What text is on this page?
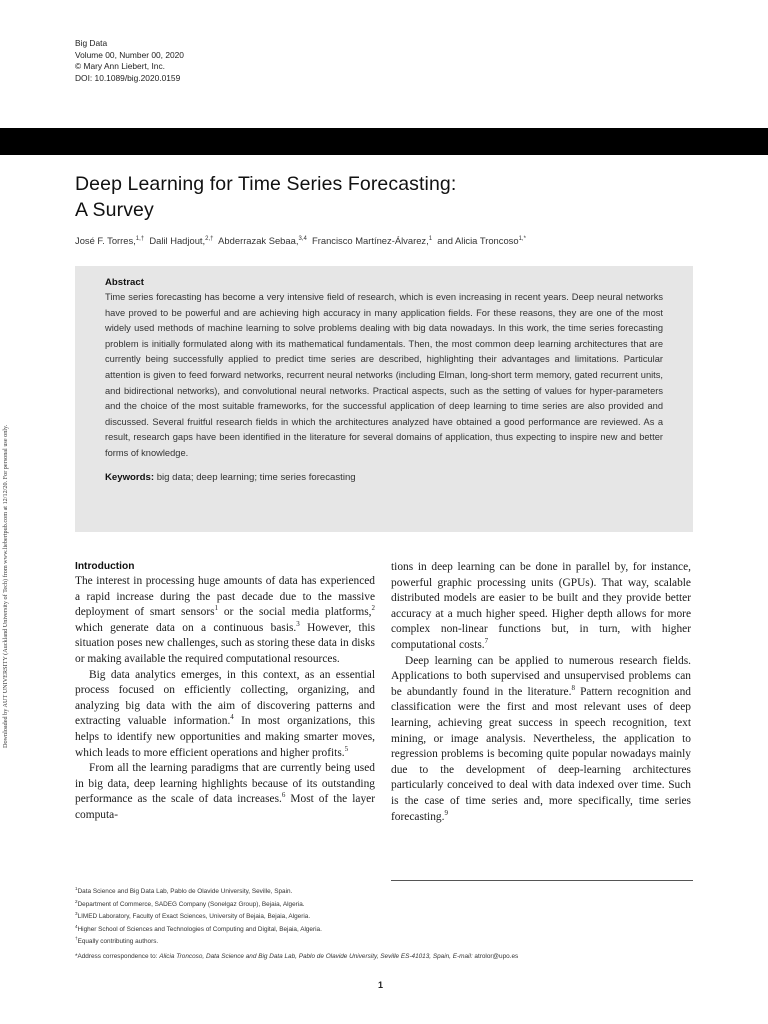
Big Data
Volume 00, Number 00, 2020
© Mary Ann Liebert, Inc.
DOI: 10.1089/big.2020.0159
Deep Learning for Time Series Forecasting:
A Survey
José F. Torres,$^{1,\dagger}$ Dalil Hadjout,$^{2,\dagger}$ Abderrazak Sebaa,$^{3,4}$ Francisco Martínez-Álvarez,$^1$ and Alicia Troncoso$^{1,*}$
Downloaded by AUT UNIVERSITY (Auckland University of Tech) from www.liebertpub.com at 12/12/20. For personal use only.
Abstract

Time series forecasting has become a very intensive field of research, which is even increasing in recent years. Deep neural networks have proved to be powerful and are achieving high accuracy in many application fields. For these reasons, they are one of the most widely used methods of machine learning to solve problems dealing with big data nowadays. In this work, the time series forecasting problem is initially formulated along with its mathematical fundamentals. Then, the most common deep learning architectures that are currently being successfully applied to predict time series are described, highlighting their advantages and limitations. Particular attention is given to feed forward networks, recurrent neural networks (including Elman, long-short term memory, gated recurrent units, and bidirectional networks), and convolutional neural networks. Practical aspects, such as the setting of values for hyper-parameters and the choice of the most suitable frameworks, for the successful application of deep learning to time series are also provided and discussed. Several fruitful research fields in which the architectures analyzed have obtained a good performance are reviewed. As a result, research gaps have been identified in the literature for several domains of application, thus expecting to inspire new and better forms of knowledge.

Keywords: big data; deep learning; time series forecasting
Introduction

The interest in processing huge amounts of data has experienced a rapid increase during the past decade due to the massive deployment of smart sensors$^1$ or the social media platforms,$^2$ which generate data on a continuous basis.$^3$ However, this situation poses new challenges, such as storing these data in disks or making available the required computational resources.

Big data analytics emerges, in this context, as an essential process focused on efficiently collecting, organizing, and analyzing big data with the aim of discovering patterns and extracting valuable information.$^4$ In most organizations, this helps to identify new opportunities and making smarter moves, which leads to more efficient operations and higher profits.$^5$

From all the learning paradigms that are currently being used in big data, deep learning highlights because of its outstanding performance as the scale of data increases.$^6$ Most of the layer computa-

tions in deep learning can be done in parallel by, for instance, powerful graphic processing units (GPUs). That way, scalable distributed models are easier to be built and they provide better accuracy at a much higher speed. Higher depth allows for more complex non-linear functions but, in turn, with higher computational costs.$^7$

Deep learning can be applied to numerous research fields. Applications to both supervised and unsupervised problems can be abundantly found in the literature.$^8$ Pattern recognition and classification were the first and most relevant uses of deep learning, achieving great success in speech recognition, text mining, or image analysis. Nevertheless, the application to regression problems is becoming quite popular nowadays mainly due to the development of deep-learning architectures particularly conceived to deal with data indexed over time. Such is the case of time series and, more specifically, time series forecasting.$^9$

$^1$Data Science and Big Data Lab, Pablo de Olavide University, Seville, Spain.
$^2$Department of Commerce, SADEG Company (Sonelgaz Group), Bejaia, Algeria.
$^3$LIMED Laboratory, Faculty of Exact Sciences, University of Bejaia, Bejaia, Algeria.
$^4$Higher School of Sciences and Technologies of Computing and Digital, Bejaia, Algeria.
†Equally contributing authors.
*Address correspondence to: Alicia Troncoso, Data Science and Big Data Lab, Pablo de Olavide University, Seville ES-41013, Spain, E-mail: atrolor@upo.es
1
